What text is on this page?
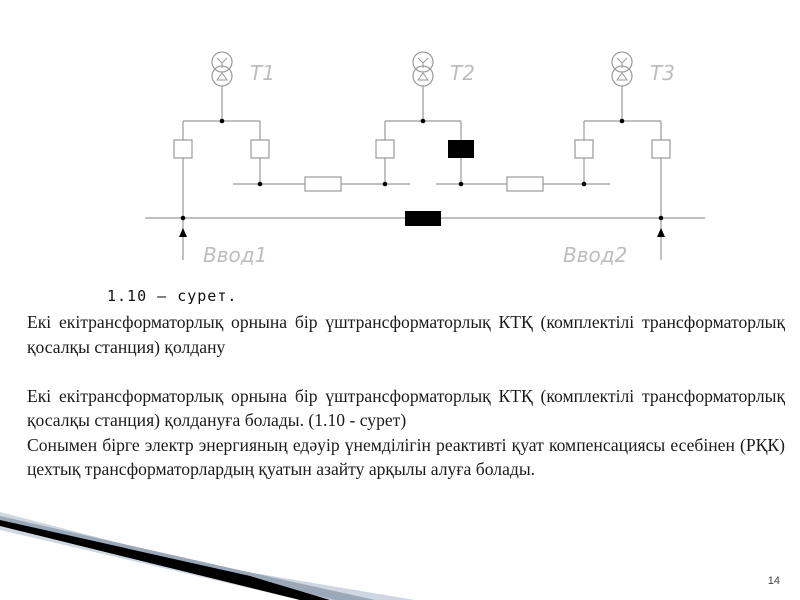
T1	T2	T3
Ввод1	Ввод2
1.10 – сурет.

Екі екітрансформаторлық орнына бір үштрансформаторлық КТҚ (комплектілі трансформаторлық қосалқы станция) қолдану

Екі екітрансформаторлық орнына бір үштрансформаторлық КТҚ (комплектілі трансформаторлық қосалқы станция) қолдануға болады. (1.10 - сурет)

Сонымен бірге электр энергияның едәуір үнемділігін реактивті қуат компенсациясы есебінен (РҚК) цехтық трансформаторлардың қуатын азайту арқылы алуға болады.

14
